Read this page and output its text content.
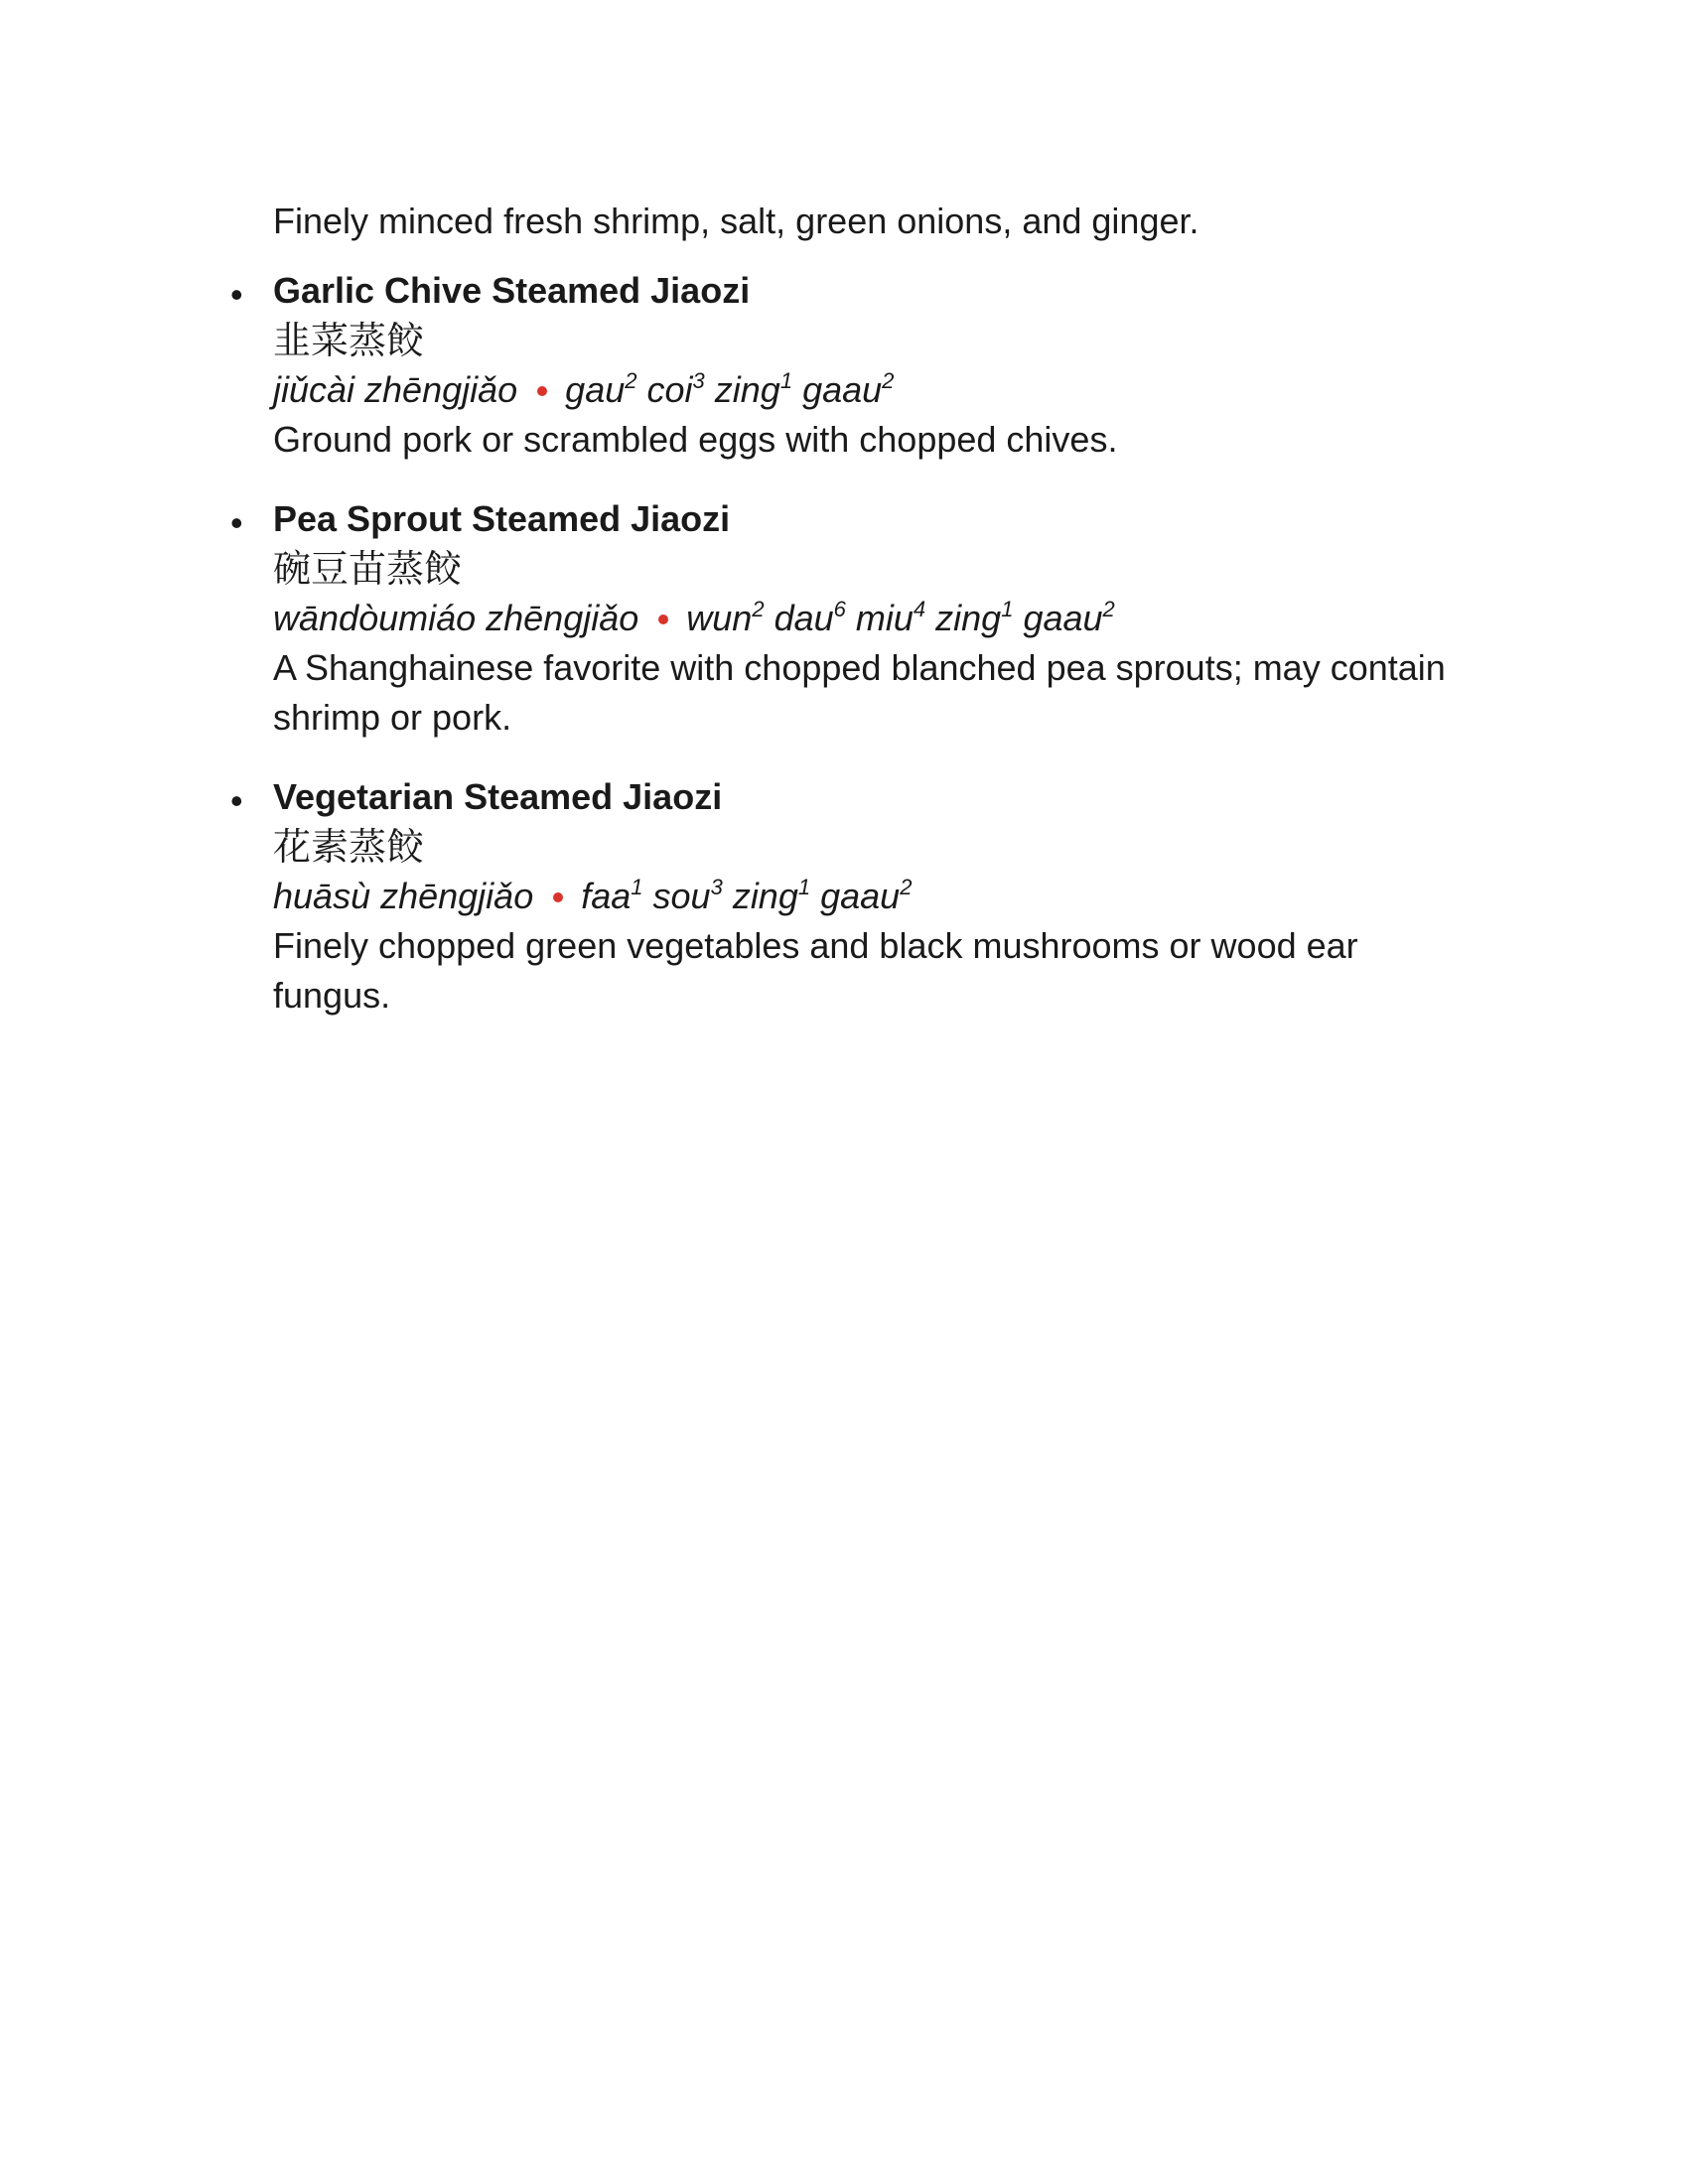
Finely minced fresh shrimp, salt, green onions, and ginger.

• Garlic Chive Steamed Jiaozi

韭菜蒸餃

jiǔcài zhēngjiǎo gau$^2$ coi$^3$ zing$^1$ gaau$^2$

Ground pork or scrambled eggs with chopped chives.

• Pea Sprout Steamed Jiaozi

碗豆苗蒸餃

wāndòumiáo zhēngjiǎo wun$^2$ dau$^6$ miu$^4$ zing$^1$ gaau$^2$

A Shanghainese favorite with chopped blanched pea sprouts; may contain shrimp or pork.

• Vegetarian Steamed Jiaozi

花素蒸餃

huāsù zhēngjiǎo faa$^1$ sou$^3$ zing$^1$ gaau$^2$

Finely chopped green vegetables and black mushrooms or wood ear fungus.
